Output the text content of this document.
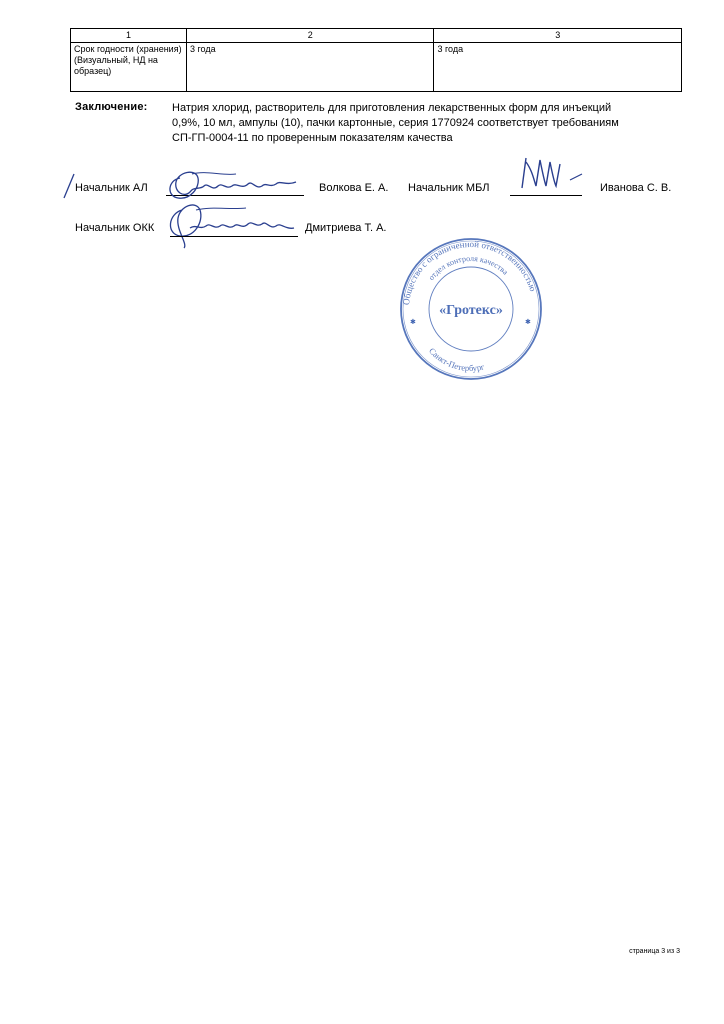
1	2	3
Срок годности (хранения) (Визуальный, НД на образец)	3 года	3 года
Заключение: Натрия хлорид, растворитель для приготовления лекарственных форм для инъекций
0,9%, 10 мл, ампулы (10), пачки картонные, серия 1770924 соответствует требованиям
СП-ГП-0004-11 по проверенным показателям качества
Начальник АЛ	Волкова Е. А. Начальник МБЛ	Иванова С. В.
Начальник ОКК	Дмитриева Т. А.
Общество с ограниченной ответственностью
отдел контроля качества
Санкт-Петербург
«Гротекс»
✱	✱
страница 3 из 3
